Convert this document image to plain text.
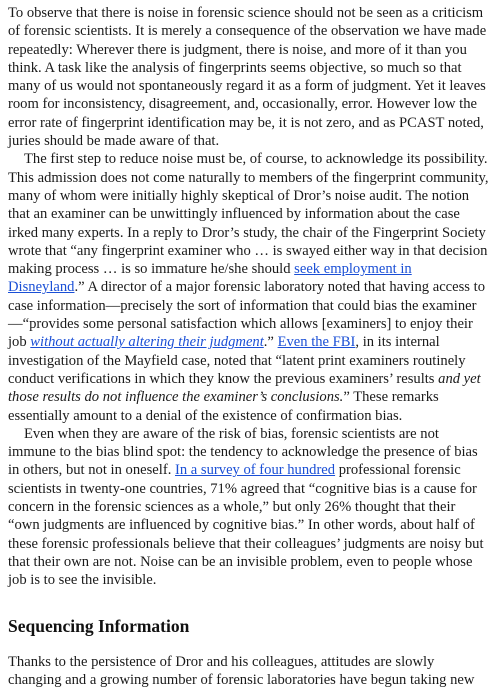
To observe that there is noise in forensic science should not be seen as a criticism of forensic scientists. It is merely a consequence of the observation we have made repeatedly: Wherever there is judgment, there is noise, and more of it than you think. A task like the analysis of fingerprints seems objective, so much so that many of us would not spontaneously regard it as a form of judgment. Yet it leaves room for inconsistency, disagreement, and, occasionally, error. However low the error rate of fingerprint identification may be, it is not zero, and as PCAST noted, juries should be made aware of that.

The first step to reduce noise must be, of course, to acknowledge its possibility. This admission does not come naturally to members of the fingerprint community, many of whom were initially highly skeptical of Dror’s noise audit. The notion that an examiner can be unwittingly influenced by information about the case irked many experts. In a reply to Dror’s study, the chair of the Fingerprint Society wrote that “any fingerprint examiner who … is swayed either way in that decision making process … is so immature he/she should seek employment in Disneyland.” A director of a major forensic laboratory noted that having access to case information—precisely the sort of information that could bias the examiner—“provides some personal satisfaction which allows [examiners] to enjoy their job without actually altering their judgment.” Even the FBI, in its internal investigation of the Mayfield case, noted that “latent print examiners routinely conduct verifications in which they know the previous examiners’ results and yet those results do not influence the examiner’s conclusions.” These remarks essentially amount to a denial of the existence of confirmation bias.

Even when they are aware of the risk of bias, forensic scientists are not immune to the bias blind spot: the tendency to acknowledge the presence of bias in others, but not in oneself. In a survey of four hundred professional forensic scientists in twenty-one countries, 71% agreed that “cognitive bias is a cause for concern in the forensic sciences as a whole,” but only 26% thought that their “own judgments are influenced by cognitive bias.” In other words, about half of these forensic professionals believe that their colleagues’ judgments are noisy but that their own are not. Noise can be an invisible problem, even to people whose job is to see the invisible.

Sequencing Information

Thanks to the persistence of Dror and his colleagues, attitudes are slowly changing and a growing number of forensic laboratories have begun taking new
